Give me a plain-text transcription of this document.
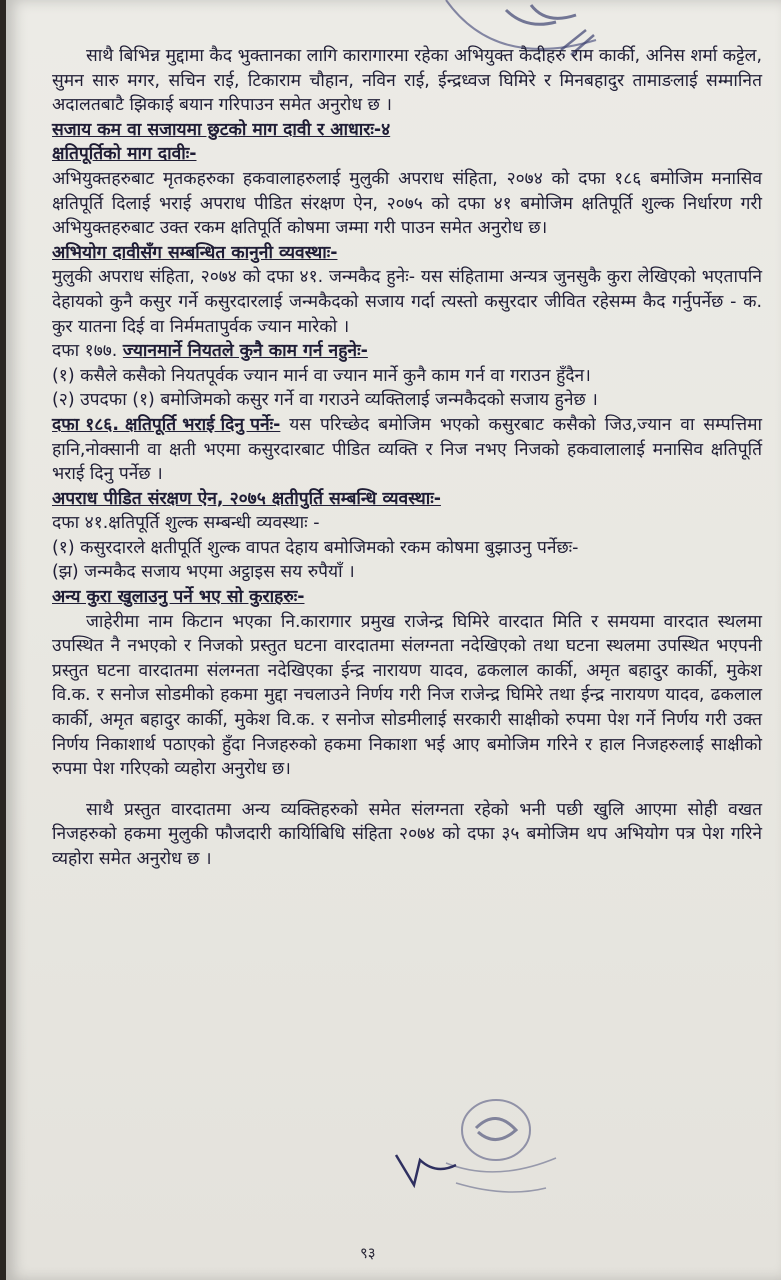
साथै बिभिन्न मुद्दामा कैद भुक्तानका लागि कारागारमा रहेका अभियुक्त कैदीहरु राम कार्की, अनिस शर्मा कट्टेल, सुमन सारु मगर, सचिन राई, टिकाराम चौहान, नविन राई, ईन्द्रध्वज घिमिरे र मिनबहादुर तामाङलाई सम्मानित अदालतबाटै झिकाई बयान गरिपाउन समेत अनुरोध छ ।

सजाय कम वा सजायमा छुटको माग दावी र आधारः-४

क्षतिपूर्तिको माग दावीः-

अभियुक्तहरुबाट मृतकहरुका हकवालाहरुलाई मुलुकी अपराध संहिता, २०७४ को दफा १८६ बमोजिम मनासिव क्षतिपूर्ति दिलाई भराई अपराध पीडित संरक्षण ऐन, २०७५ को दफा ४१ बमोजिम क्षतिपूर्ति शुल्क निर्धारण गरी अभियुक्तहरुबाट उक्त रकम क्षतिपूर्ति कोषमा जम्मा गरी पाउन समेत अनुरोध छ।

अभियोग दावीसँग सम्बन्धित कानुनी व्यवस्थाः-

मुलुकी अपराध संहिता, २०७४ को दफा ४१. जन्मकैद हुनेः- यस संहितामा अन्यत्र जुनसुकै कुरा लेखिएको भएतापनि देहायको कुनै कसुर गर्ने कसुरदारलाई जन्मकैदको सजाय गर्दा त्यस्तो कसुरदार जीवित रहेसम्म कैद गर्नुपर्नेछ - क. कुर यातना दिई वा निर्ममतापुर्वक ज्यान मारेको ।

दफा १७७. ज्यानमार्ने नियतले कुनै काम गर्न नहुनेः-

(१) कसैले कसैको नियतपूर्वक ज्यान मार्न वा ज्यान मार्ने कुनै काम गर्न वा गराउन हुँदैन।

(२) उपदफा (१) बमोजिमको कसुर गर्ने वा गराउने व्यक्तिलाई जन्मकैदको सजाय हुनेछ ।

दफा १८६. क्षतिपूर्ति भराई दिनु पर्नेः- यस परिच्छेद बमोजिम भएको कसुरबाट कसैको जिउ,ज्यान वा सम्पत्तिमा हानि,नोक्सानी वा क्षती भएमा कसुरदारबाट पीडित व्यक्ति र निज नभए निजको हकवालालाई मनासिव क्षतिपूर्ति भराई दिनु पर्नेछ ।

अपराध पीडित संरक्षण ऐन, २०७५ क्षतीपुर्ति सम्बन्धि व्यवस्थाः-

दफा ४१.क्षतिपूर्ति शुल्क सम्बन्धी व्यवस्थाः -

(१) कसुरदारले क्षतीपूर्ति शुल्क वापत देहाय बमोजिमको रकम कोषमा बुझाउनु पर्नेछः-

(झ) जन्मकैद सजाय भएमा अट्ठाइस सय रुपैयाँ ।

अन्य कुरा खुलाउनु पर्ने भए सो कुराहरुः-

जाहेरीमा नाम किटान भएका नि.कारागार प्रमुख राजेन्द्र घिमिरे वारदात मिति र समयमा वारदात स्थलमा उपस्थित नै नभएको र निजको प्रस्तुत घटना वारदातमा संलग्नता नदेखिएको तथा घटना स्थलमा उपस्थित भएपनी प्रस्तुत घटना वारदातमा संलग्नता नदेखिएका ईन्द्र नारायण यादव, ढकलाल कार्की, अमृत बहादुर कार्की, मुकेश वि.क. र सनोज सोडमीको हकमा मुद्दा नचलाउने निर्णय गरी निज राजेन्द्र घिमिरे तथा ईन्द्र नारायण यादव, ढकलाल कार्की, अमृत बहादुर कार्की, मुकेश वि.क. र सनोज सोडमीलाई सरकारी साक्षीको रुपमा पेश गर्ने निर्णय गरी उक्त निर्णय निकाशार्थ पठाएको हुँदा निजहरुको हकमा निकाशा भई आए बमोजिम गरिने र हाल निजहरुलाई साक्षीको रुपमा पेश गरिएको व्यहोरा अनुरोध छ।

साथै प्रस्तुत वारदातमा अन्य व्यक्तिहरुको समेत संलग्नता रहेको भनी पछी खुलि आएमा सोही वखत निजहरुको हकमा मुलुकी फौजदारी कार्यािबिधि संहिता २०७४ को दफा ३५ बमोजिम थप अभियोग पत्र पेश गरिने व्यहोरा समेत अनुरोध छ ।

९३
